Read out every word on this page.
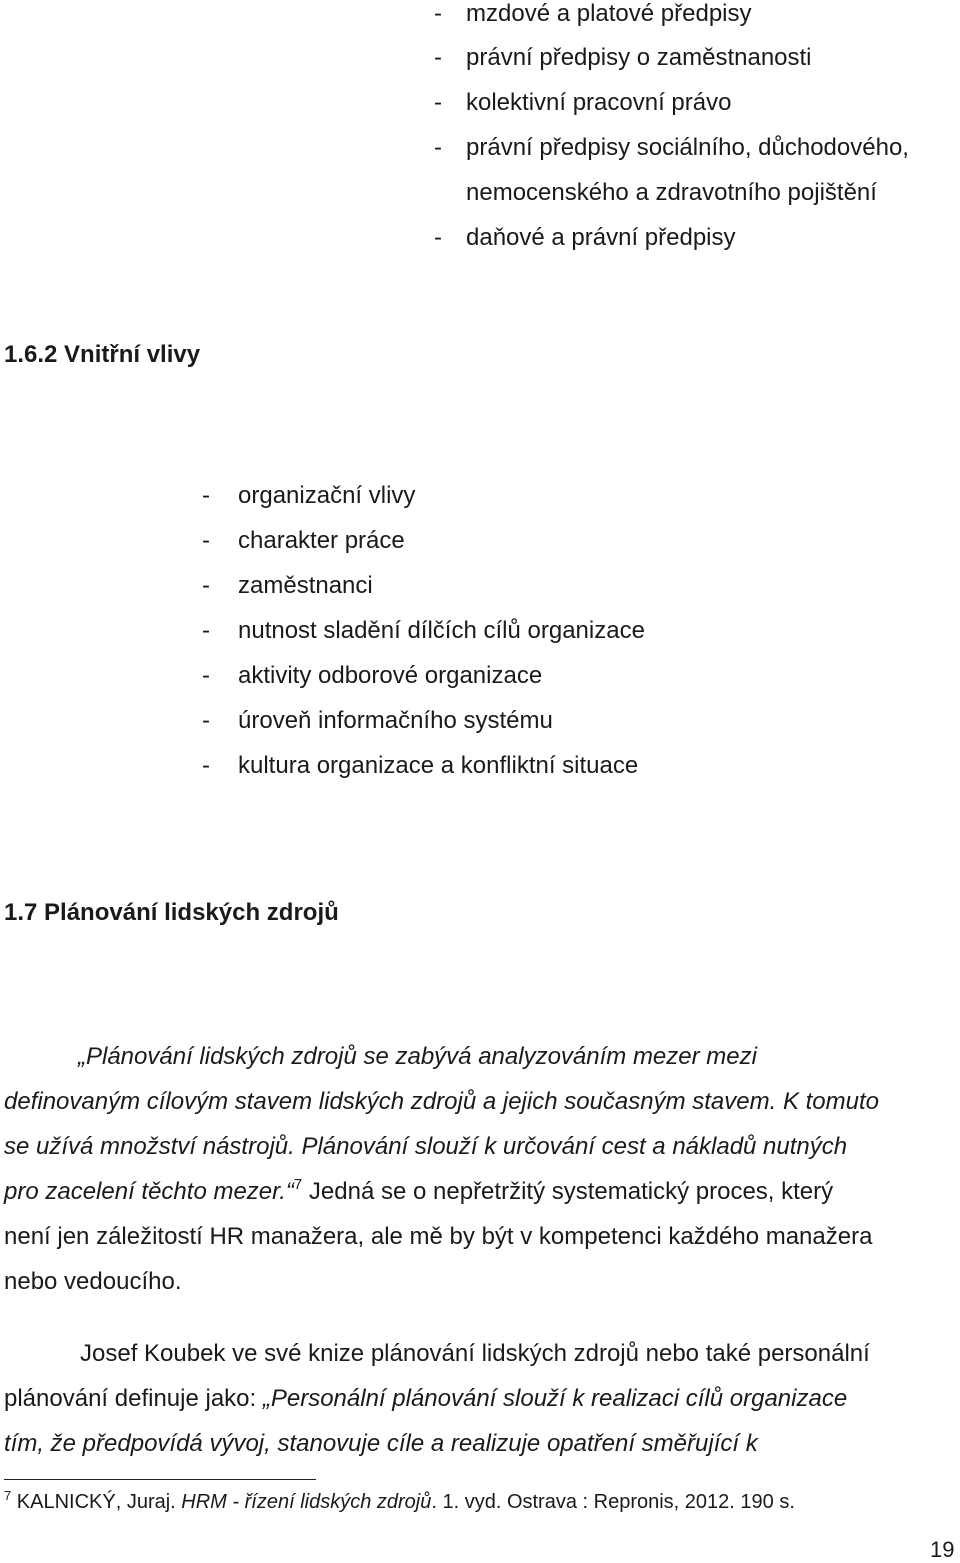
- mzdové a platové předpisy
- právní předpisy o zaměstnanosti
- kolektivní pracovní právo
- právní předpisy sociálního, důchodového,
nemocenského a zdravotního pojištění
- daňové a právní předpisy
1.6.2 Vnitřní vlivy
- organizační vlivy
- charakter práce
- zaměstnanci
- nutnost sladění dílčích cílů organizace
- aktivity odborové organizace
- úroveň informačního systému
- kultura organizace a konfliktní situace
1.7 Plánování lidských zdrojů
„Plánování lidských zdrojů se zabývá analyzováním mezer mezi
definovaným cílovým stavem lidských zdrojů a jejich současným stavem. K tomuto
se užívá množství nástrojů. Plánování slouží k určování cest a nákladů nutných
pro zacelení těchto mezer.“$^7$ Jedná se o nepřetržitý systematický proces, který
není jen záležitostí HR manažera, ale mě by být v kompetenci každého manažera
nebo vedoucího.
Josef Koubek ve své knize plánování lidských zdrojů nebo také personální
plánování definuje jako: „Personální plánování slouží k realizaci cílů organizace
tím, že předpovídá vývoj, stanovuje cíle a realizuje opatření směřující k
$^7$ KALNICKÝ, Juraj. HRM - řízení lidských zdrojů. 1. vyd. Ostrava : Repronis, 2012. 190 s.
19
